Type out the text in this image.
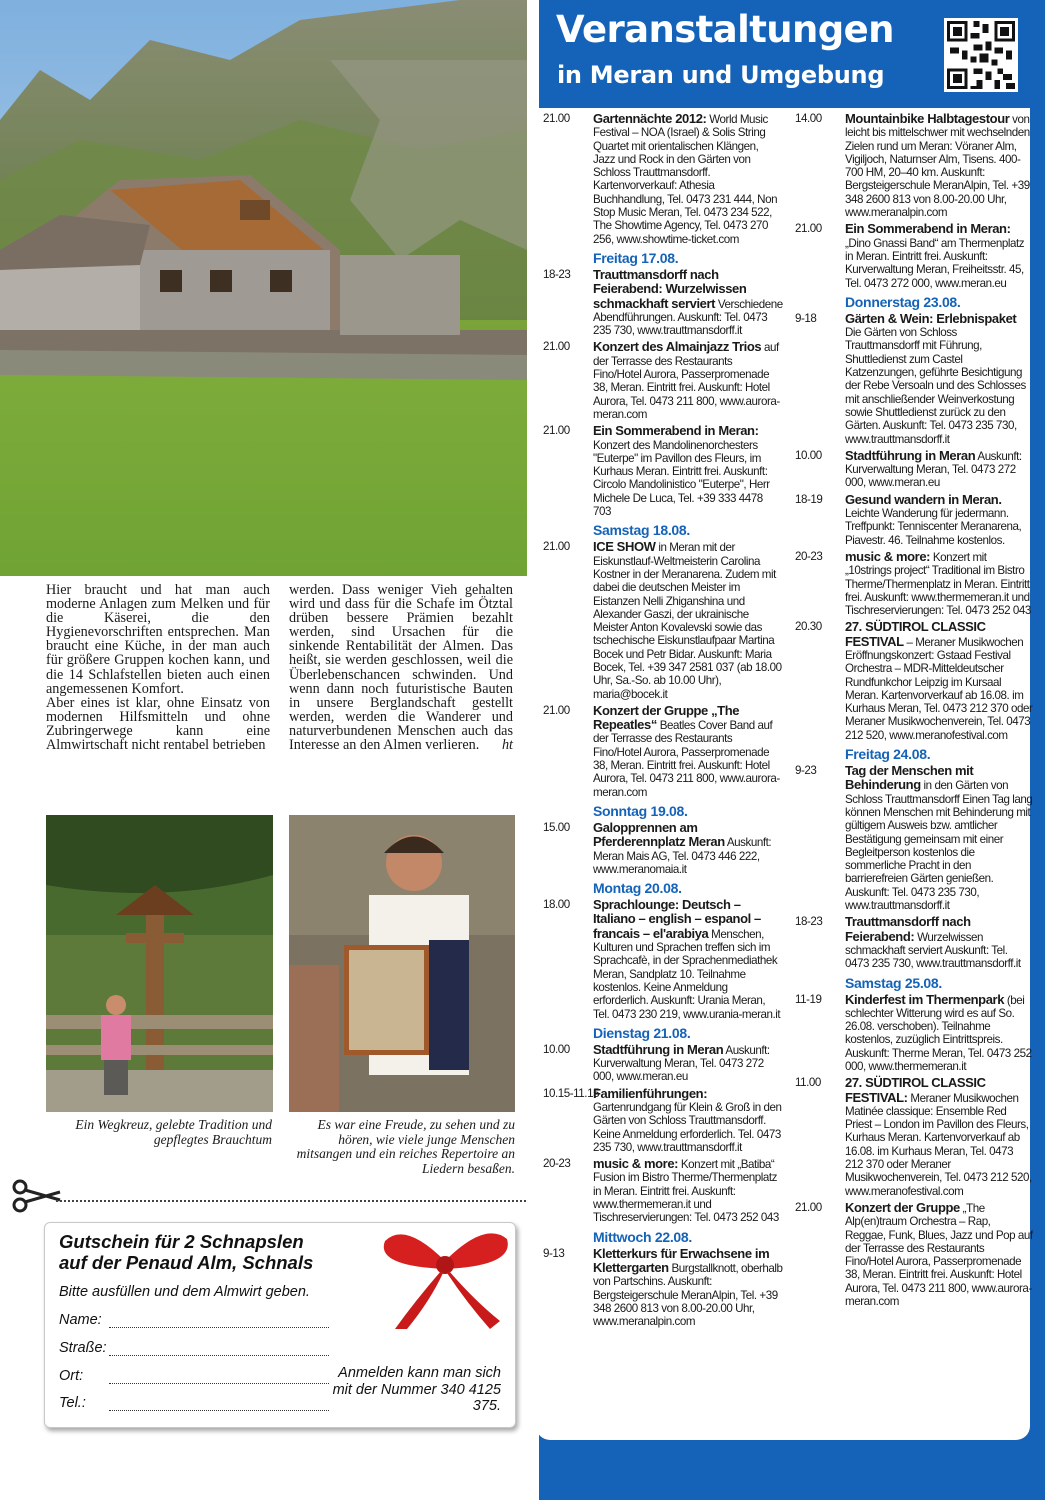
Hier braucht und hat man auch moderne Anlagen zum Melken und für die Käserei, die den Hygienevorschriften entsprechen. Man braucht eine Küche, in der man auch für größere Gruppen kochen kann, und die 14 Schlafstellen bieten auch einen angemessenen Komfort.

Aber eines ist klar, ohne Einsatz von modernen Hilfsmitteln und ohne Zubringerwege kann eine Almwirtschaft nicht rentabel betrieben

werden. Dass weniger Vieh gehalten wird und dass für die Schafe im Ötztal drüben bessere Prämien bezahlt werden, sind Ursachen für die sinkende Rentabilität der Almen. Das heißt, sie werden geschlossen, weil die Überlebenschancen schwinden. Und wenn dann noch futuristische Bauten in unsere Berglandschaft gestellt werden, werden die Wanderer und naturverbundenen Menschen auch das Interesse an den Almen verlieren. ht

Ein Wegkreuz, gelebte Tradition und gepflegtes Brauchtum
Es war eine Freude, zu sehen und zu hören, wie viele junge Menschen mitsangen und ein reiches Repertoire an Liedern besaßen.
Gutschein für 2 Schnapslen
auf der Penaud Alm, Schnals
Bitte ausfüllen und dem Almwirt geben.
Name:
Straße:
Ort:
Tel.:
Anmelden kann man sich mit der Nummer 340 4125 375.
Veranstaltungen
in Meran und Umgebung
21.00 Gartennächte 2012: World Music Festival – NOA (Israel) & Solis String Quartet mit orientalischen Klängen, Jazz und Rock in den Gärten von Schloss Trauttmansdorff. Kartenvorverkauf: Athesia Buchhandlung, Tel. 0473 231 444, Non Stop Music Meran, Tel. 0473 234 522, The Showtime Agency, Tel. 0473 270 256, www.showtime-ticket.com
Freitag 17.08.
18-23 Trauttmansdorff nach Feierabend: Wurzelwissen schmackhaft serviert Verschiedene Abendführungen. Auskunft: Tel. 0473 235 730, www.trauttmansdorff.it
21.00 Konzert des Almainjazz Trios auf der Terrasse des Restaurants Fino/Hotel Aurora, Passerpromenade 38, Meran. Eintritt frei. Auskunft: Hotel Aurora, Tel. 0473 211 800, www.aurora-meran.com
21.00 Ein Sommerabend in Meran: Konzert des Mandolinenorchesters "Euterpe" im Pavillon des Fleurs, im Kurhaus Meran. Eintritt frei. Auskunft: Circolo Mandolinistico "Euterpe", Herr Michele De Luca, Tel. +39 333 4478 703
Samstag 18.08.
21.00 ICE SHOW in Meran mit der Eiskunstlauf-Weltmeisterin Carolina Kostner in der Meranarena. Zudem mit dabei die deutschen Meister im Eistanzen Nelli Zhiganshina und Alexander Gaszi, der ukrainische Meister Anton Kovalevski sowie das tschechische Eiskunstlaufpaar Martina Bocek und Petr Bidar. Auskunft: Maria Bocek, Tel. +39 347 2581 037 (ab 18.00 Uhr, Sa.-So. ab 10.00 Uhr), maria@bocek.it
21.00 Konzert der Gruppe „The Repeatles“ Beatles Cover Band auf der Terrasse des Restaurants Fino/Hotel Aurora, Passerpromenade 38, Meran. Eintritt frei. Auskunft: Hotel Aurora, Tel. 0473 211 800, www.aurora-meran.com
Sonntag 19.08.
15.00 Galopprennen am Pferderennplatz Meran Auskunft: Meran Mais AG, Tel. 0473 446 222, www.meranomaia.it
Montag 20.08.
18.00 Sprachlounge: Deutsch – Italiano – english – espanol – francais – el'arabiya Menschen, Kulturen und Sprachen treffen sich im Sprachcafè, in der Sprachenmediathek Meran, Sandplatz 10. Teilnahme kostenlos. Keine Anmeldung erforderlich. Auskunft: Urania Meran, Tel. 0473 230 219, www.urania-meran.it
Dienstag 21.08.
10.00 Stadtführung in Meran Auskunft: Kurverwaltung Meran, Tel. 0473 272 000, www.meran.eu
10.15-11.15
Familienführungen: Gartenrundgang für Klein & Groß in den Gärten von Schloss Trauttmansdorff. Keine Anmeldung erforderlich. Tel. 0473 235 730, www.trauttmansdorff.it
20-23 music & more: Konzert mit „Batiba“ Fusion im Bistro Therme/Thermenplatz in Meran. Eintritt frei. Auskunft: www.thermemeran.it und Tischreservierungen: Tel. 0473 252 043
Mittwoch 22.08.
9-13 Kletterkurs für Erwachsene im Klettergarten Burgstallknott, oberhalb von Partschins. Auskunft: Bergsteigerschule MeranAlpin, Tel. +39 348 2600 813 von 8.00-20.00 Uhr, www.meranalpin.com
14.00 Mountainbike Halbtagestour von leicht bis mittelschwer mit wechselnden Zielen rund um Meran: Vöraner Alm, Vigiljoch, Naturnser Alm, Tisens. 400-700 HM, 20–40 km. Auskunft: Bergsteigerschule MeranAlpin, Tel. +39 348 2600 813 von 8.00-20.00 Uhr, www.meranalpin.com
21.00 Ein Sommerabend in Meran: „Dino Gnassi Band“ am Thermenplatz in Meran. Eintritt frei. Auskunft: Kurverwaltung Meran, Freiheitsstr. 45, Tel. 0473 272 000, www.meran.eu
Donnerstag 23.08.
9-18 Gärten & Wein: Erlebnispaket Die Gärten von Schloss Trauttmansdorff mit Führung, Shuttledienst zum Castel Katzenzungen, geführte Besichtigung der Rebe Versoaln und des Schlosses mit anschließender Weinverkostung sowie Shuttledienst zurück zu den Gärten. Auskunft: Tel. 0473 235 730, www.trauttmansdorff.it
10.00 Stadtführung in Meran Auskunft: Kurverwaltung Meran, Tel. 0473 272 000, www.meran.eu
18-19 Gesund wandern in Meran. Leichte Wanderung für jedermann. Treffpunkt: Tenniscenter Meranarena, Piavestr. 46. Teilnahme kostenlos.
20-23 music & more: Konzert mit „10strings project“ Traditional im Bistro Therme/Thermenplatz in Meran. Eintritt frei. Auskunft: www.thermemeran.it und Tischreservierungen: Tel. 0473 252 043
20.30 27. SÜDTIROL CLASSIC FESTIVAL – Meraner Musikwochen Eröffnungskonzert: Gstaad Festival Orchestra – MDR-Mitteldeutscher Rundfunkchor Leipzig im Kursaal Meran. Kartenvorverkauf ab 16.08. im Kurhaus Meran, Tel. 0473 212 370 oder Meraner Musikwochenverein, Tel. 0473 212 520, www.meranofestival.com
Freitag 24.08.
9-23 Tag der Menschen mit Behinderung in den Gärten von Schloss Trauttmansdorff Einen Tag lang können Menschen mit Behinderung mit gültigem Ausweis bzw. amtlicher Bestätigung gemeinsam mit einer Begleitperson kostenlos die sommerliche Pracht in den barrierefreien Gärten genießen. Auskunft: Tel. 0473 235 730, www.trauttmansdorff.it
18-23 Trauttmansdorff nach Feierabend: Wurzelwissen schmackhaft serviert Auskunft: Tel. 0473 235 730, www.trauttmansdorff.it
Samstag 25.08.
11-19 Kinderfest im Thermenpark (bei schlechter Witterung wird es auf So. 26.08. verschoben). Teilnahme kostenlos, zuzüglich Eintrittspreis. Auskunft: Therme Meran, Tel. 0473 252 000, www.thermemeran.it
11.00 27. SÜDTIROL CLASSIC FESTIVAL: Meraner Musikwochen Matinée classique: Ensemble Red Priest – London im Pavillon des Fleurs, Kurhaus Meran. Kartenvorverkauf ab 16.08. im Kurhaus Meran, Tel. 0473 212 370 oder Meraner Musikwochenverein, Tel. 0473 212 520, www.meranofestival.com
21.00 Konzert der Gruppe „The Alp(en)traum Orchestra – Rap, Reggae, Funk, Blues, Jazz und Pop auf der Terrasse des Restaurants Fino/Hotel Aurora, Passerpromenade 38, Meran. Eintritt frei. Auskunft: Hotel Aurora, Tel. 0473 211 800, www.aurora-meran.com
